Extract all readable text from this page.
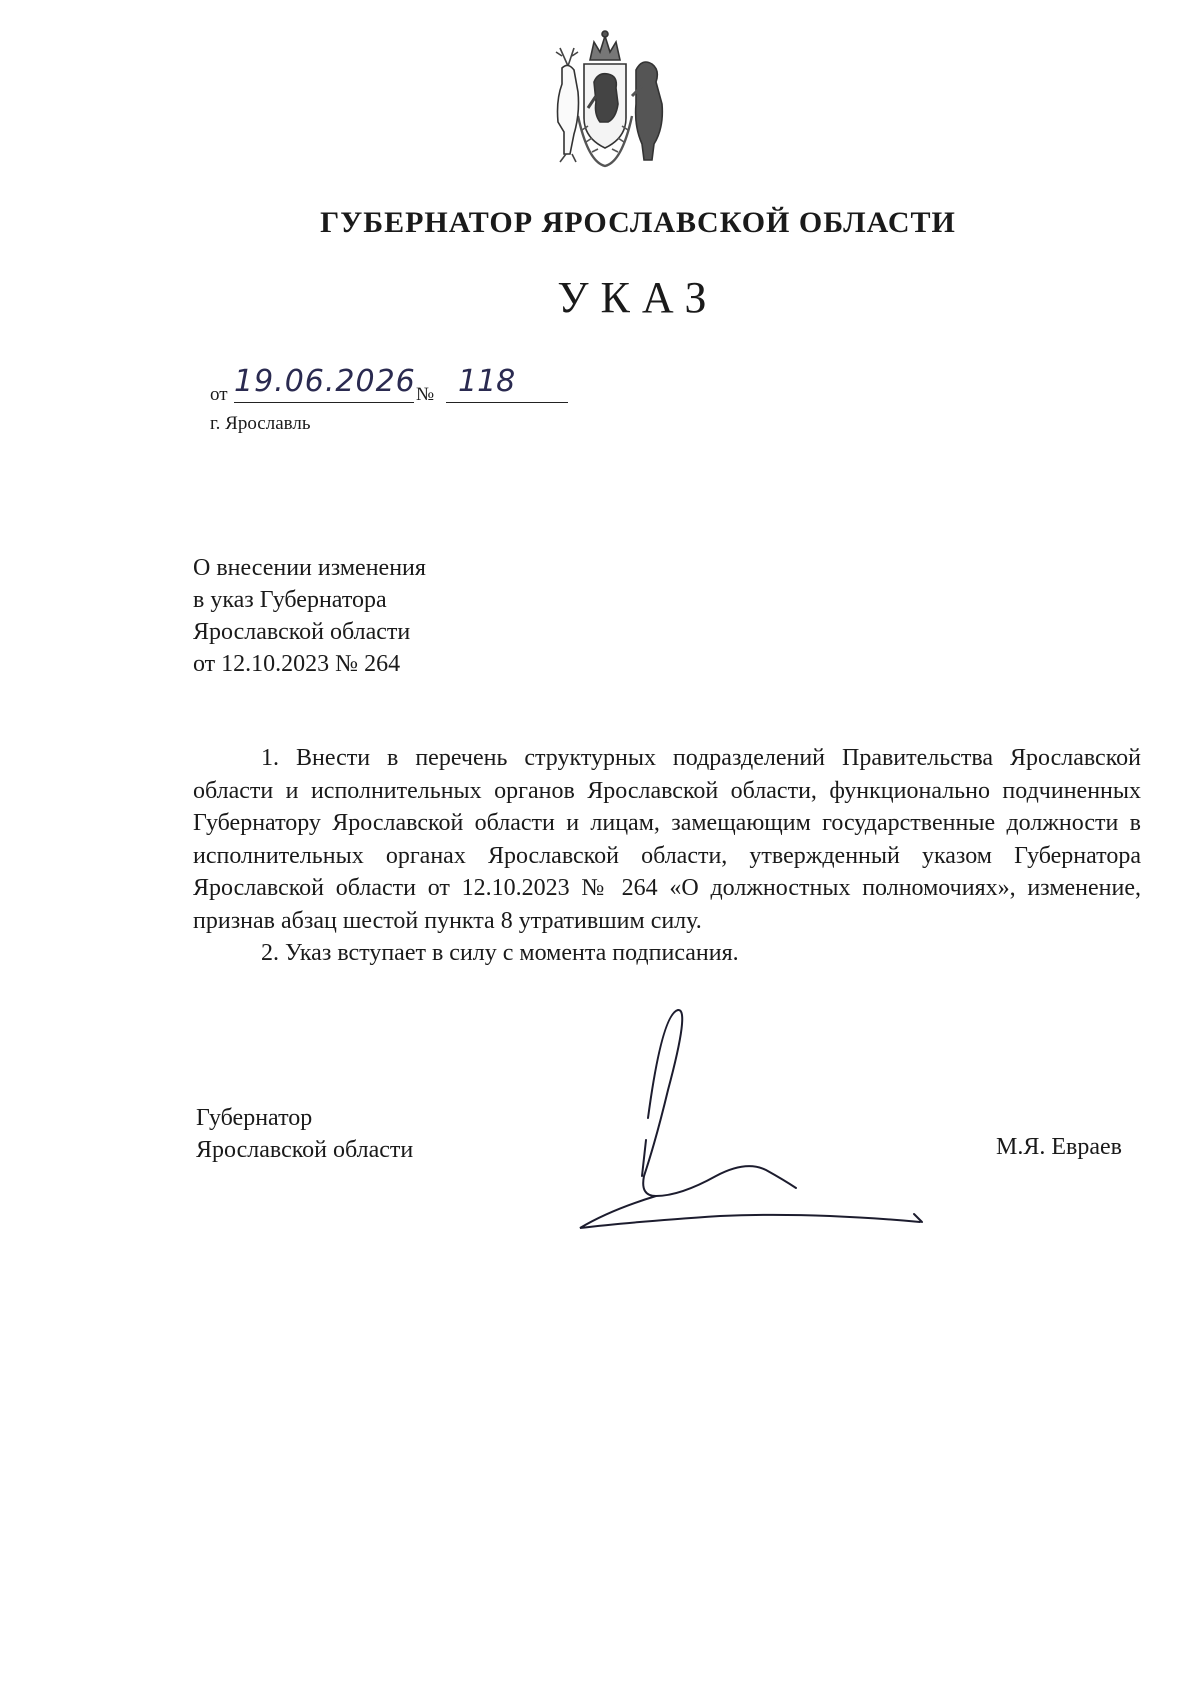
ГУБЕРНАТОР ЯРОСЛАВСКОЙ ОБЛАСТИ
УКАЗ
от 19.06.2026 № 118
г. Ярославль
О внесении изменения
в указ Губернатора
Ярославской области
от 12.10.2023 № 264

1. Внести в перечень структурных подразделений Правительства Ярославской области и исполнительных органов Ярославской области, функционально подчиненных Губернатору Ярославской области и лицам, замещающим государственные должности в исполнительных органах Ярославской области, утвержденный указом Губернатора Ярославской области от 12.10.2023 № 264 «О должностных полномочиях», изменение, признав абзац шестой пункта 8 утратившим силу.

2. Указ вступает в силу с момента подписания.

Губернатор
Ярославской области	М.Я. Евраев
